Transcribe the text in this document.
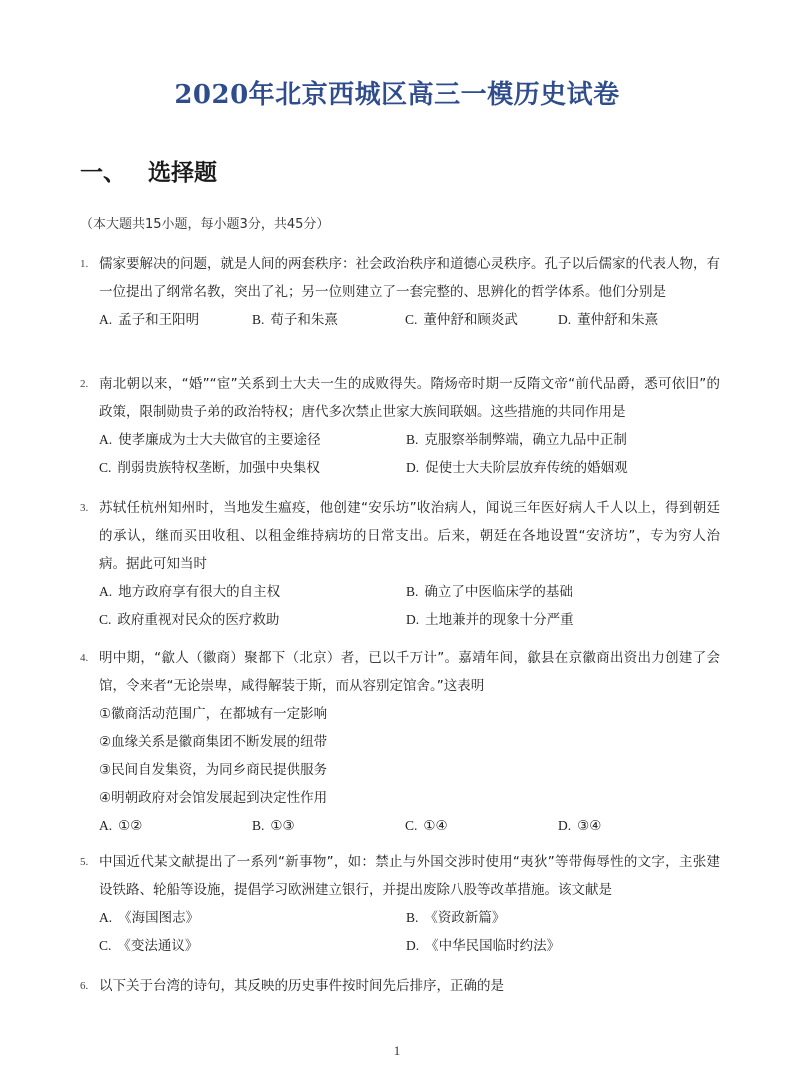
2020年北京西城区高三一模历史试卷
一、 选择题
（本大题共15小题，每小题3分，共45分）
1. 儒家要解决的问题，就是人间的两套秩序：社会政治秩序和道德心灵秩序。孔子以后儒家的代表人物，有一位提出了纲常名教，突出了礼；另一位则建立了一套完整的、思辨化的哲学体系。他们分别是
A. 孟子和王阳明	B. 荀子和朱熹	C. 董仲舒和顾炎武	D. 董仲舒和朱熹
2. 南北朝以来，“婚”“宦”关系到士大夫一生的成败得失。隋炀帝时期一反隋文帝“前代品爵，悉可依旧”的政策，限制勋贵子弟的政治特权；唐代多次禁止世家大族间联姻。这些措施的共同作用是
A. 使孝廉成为士大夫做官的主要途径	B. 克服察举制弊端，确立九品中正制
C. 削弱贵族特权垄断，加强中央集权	D. 促使士大夫阶层放弃传统的婚姻观
3. 苏轼任杭州知州时，当地发生瘟疫，他创建“安乐坊”收治病人，闻说三年医好病人千人以上，得到朝廷的承认，继而买田收租、以租金维持病坊的日常支出。后来，朝廷在各地设置“安济坊”，专为穷人治病。据此可知当时
A. 地方政府享有很大的自主权	B. 确立了中医临床学的基础
C. 政府重视对民众的医疗救助	D. 土地兼并的现象十分严重
4. 明中期，“歙人（徽商）聚都下（北京）者，已以千万计”。嘉靖年间，歙县在京徽商出资出力创建了会馆，令来者“无论崇卑，咸得解装于斯，而从容别定馆舍。”这表明
①徽商活动范围广，在都城有一定影响
②血缘关系是徽商集团不断发展的纽带
③民间自发集资，为同乡商民提供服务
④明朝政府对会馆发展起到决定性作用
A. ①②	B. ①③	C. ①④	D. ③④
5. 中国近代某文献提出了一系列“新事物”，如：禁止与外国交涉时使用“夷狄”等带侮辱性的文字，主张建设铁路、轮船等设施，提倡学习欧洲建立银行，并提出废除八股等改革措施。该文献是
A. 《海国图志》	B. 《资政新篇》
C. 《变法通议》	D. 《中华民国临时约法》
6. 以下关于台湾的诗句，其反映的历史事件按时间先后排序，正确的是
1
